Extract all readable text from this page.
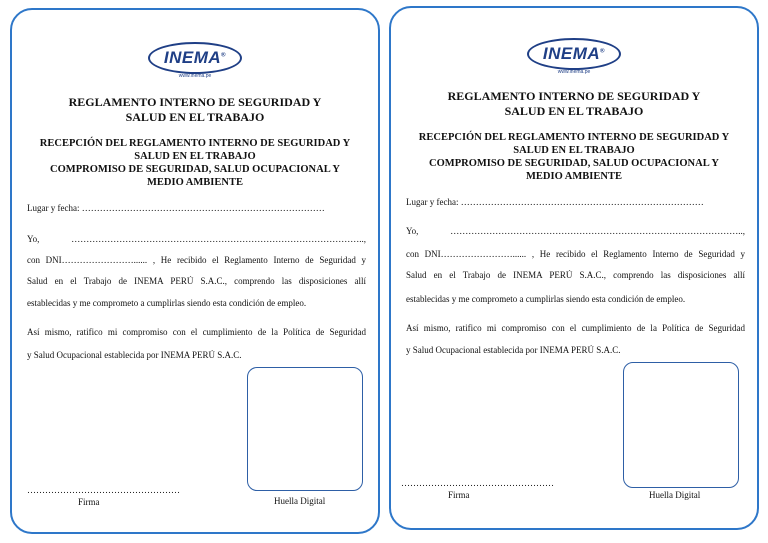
INEMA®
www.inema.pe
REGLAMENTO INTERNO DE SEGURIDAD Y
SALUD EN EL TRABAJO
RECEPCIÓN DEL REGLAMENTO INTERNO DE SEGURIDAD Y
SALUD EN EL TRABAJO
COMPROMISO DE SEGURIDAD, SALUD OCUPACIONAL Y
MEDIO AMBIENTE
Lugar y fecha: ………………………………………………………………………
Yo, ……………………………………………………………………………………..,
con DNI……………………...... , He recibido el Reglamento Interno de Seguridad y
Salud en el Trabajo de INEMA PERÚ S.A.C., comprendo las disposiciones allí
establecidas y me comprometo a cumplirlas siendo esta condición de empleo.
Así mismo, ratifico mi compromiso con el cumplimiento de la Política de Seguridad
y Salud Ocupacional establecida por INEMA PERÚ S.A.C.
……………………………………………
Firma	Huella Digital
INEMA®
www.inema.pe
REGLAMENTO INTERNO DE SEGURIDAD Y
SALUD EN EL TRABAJO
RECEPCIÓN DEL REGLAMENTO INTERNO DE SEGURIDAD Y
SALUD EN EL TRABAJO
COMPROMISO DE SEGURIDAD, SALUD OCUPACIONAL Y
MEDIO AMBIENTE
Lugar y fecha: ………………………………………………………………………
Yo, ……………………………………………………………………………………..,
con DNI……………………...... , He recibido el Reglamento Interno de Seguridad y
Salud en el Trabajo de INEMA PERÚ S.A.C., comprendo las disposiciones allí
establecidas y me comprometo a cumplirlas siendo esta condición de empleo.
Así mismo, ratifico mi compromiso con el cumplimiento de la Política de Seguridad
y Salud Ocupacional establecida por INEMA PERÚ S.A.C.
……………………………………………
Firma	Huella Digital
